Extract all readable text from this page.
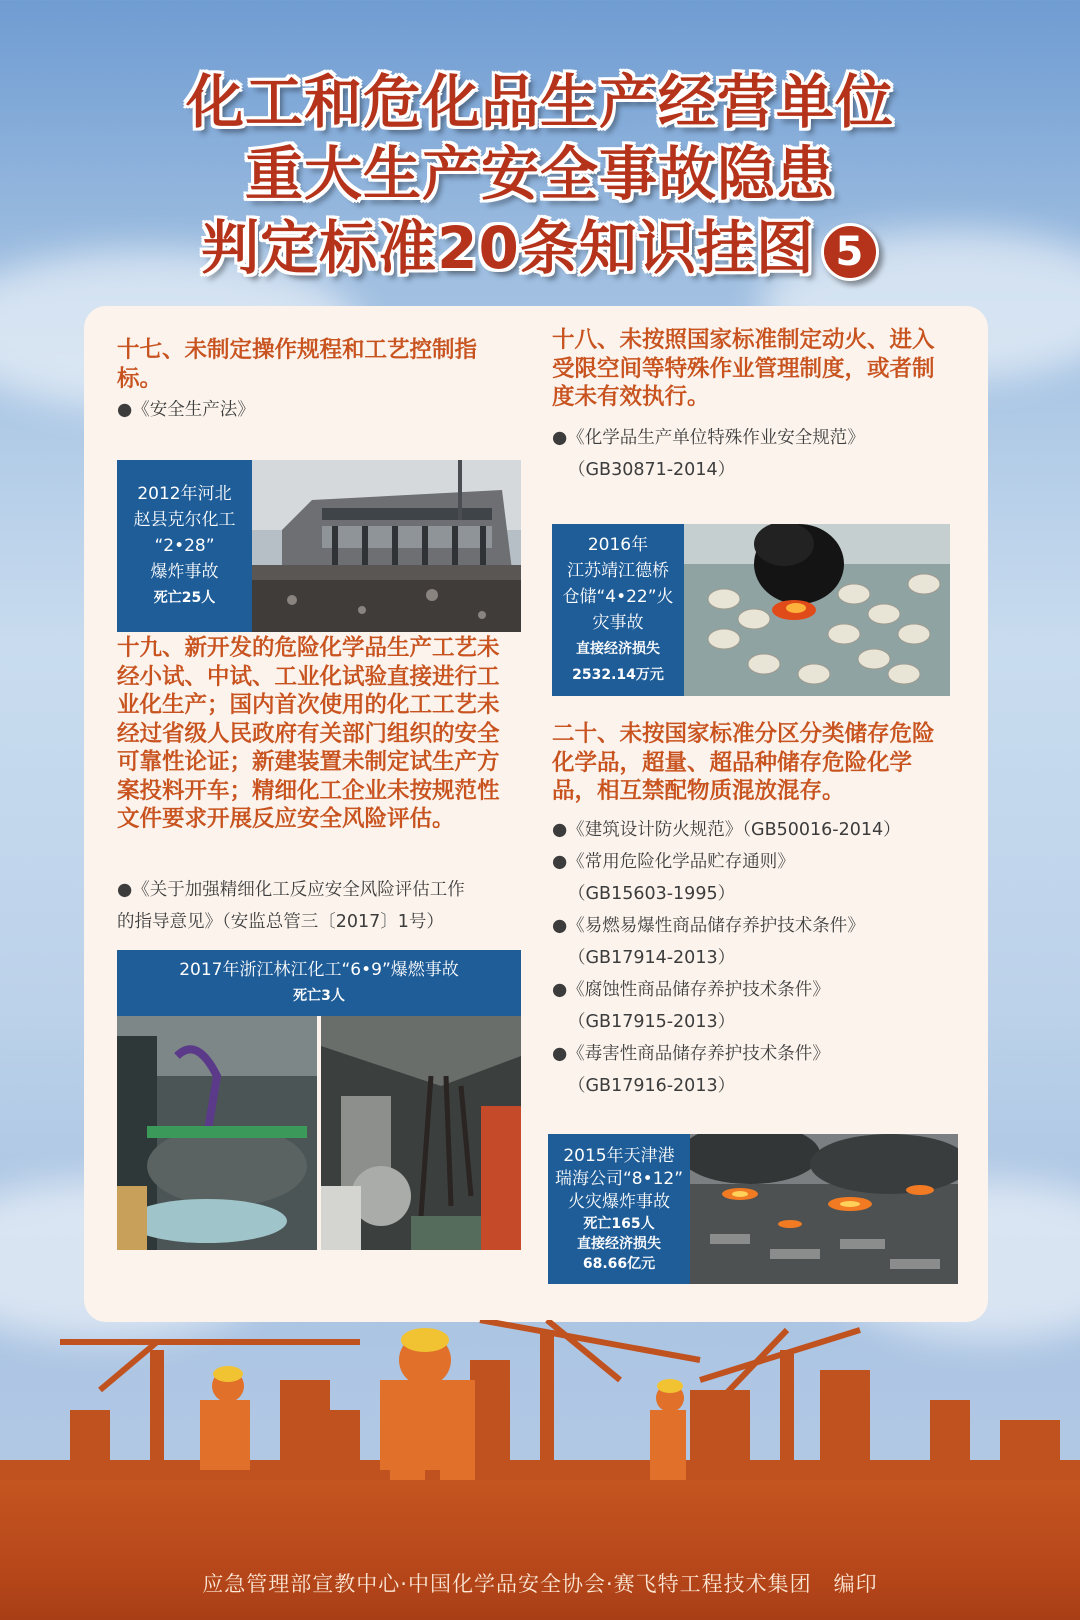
化工和危化品生产经营单位
重大生产安全事故隐患
判定标准20条知识挂图 5
十七、未制定操作规程和工艺控制指标。
●《安全生产法》
2012年河北
赵县克尔化工
“2•28”
爆炸事故
死亡25人
十九、新开发的危险化学品生产工艺未经小试、中试、工业化试验直接进行工业化生产；国内首次使用的化工工艺未经过省级人民政府有关部门组织的安全可靠性论证；新建装置未制定试生产方案投料开车；精细化工企业未按规范性文件要求开展反应安全风险评估。
●《关于加强精细化工反应安全风险评估工作
的指导意见》（安监总管三〔2017〕1号）
2017年浙江林江化工“6•9”爆燃事故
死亡3人
十八、未按照国家标准制定动火、进入受限空间等特殊作业管理制度，或者制度未有效执行。
●《化学品生产单位特殊作业安全规范》
（GB30871-2014）
2016年
江苏靖江德桥
仓储“4•22”火
灾事故
直接经济损失
2532.14万元
二十、未按国家标准分区分类储存危险化学品，超量、超品种储存危险化学品，相互禁配物质混放混存。
●《建筑设计防火规范》（GB50016-2014）
●《常用危险化学品贮存通则》
（GB15603-1995）
●《易燃易爆性商品储存养护技术条件》
（GB17914-2013）
●《腐蚀性商品储存养护技术条件》
（GB17915-2013）
●《毒害性商品储存养护技术条件》
（GB17916-2013）
2015年天津港
瑞海公司“8•12”
火灾爆炸事故
死亡165人
直接经济损失
68.66亿元
应急管理部宣教中心·中国化学品安全协会·赛飞特工程技术集团　编印
